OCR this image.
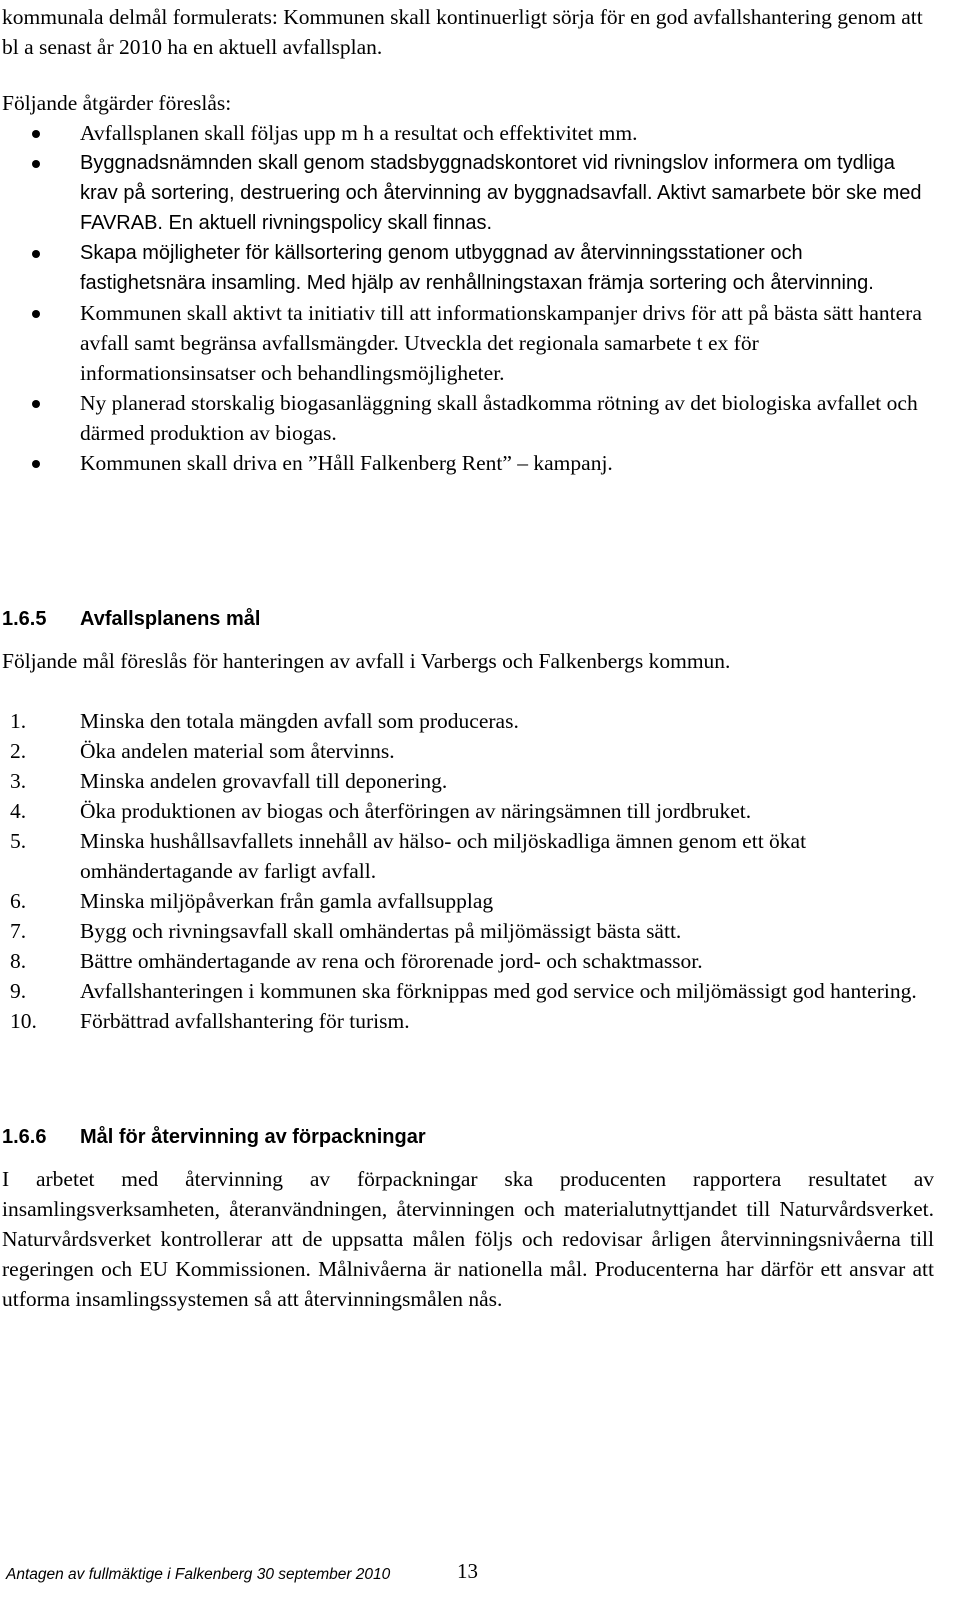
kommunala delmål formulerats: Kommunen skall kontinuerligt sörja för en god avfallshantering genom att bl a senast år 2010 ha en aktuell avfallsplan.

Följande åtgärder föreslås:

Avfallsplanen skall följas upp m h a resultat och effektivitet mm.
Byggnadsnämnden skall genom stadsbyggnadskontoret vid rivningslov informera om tydliga krav på sortering, destruering och återvinning av byggnadsavfall. Aktivt samarbete bör ske med FAVRAB. En aktuell rivningspolicy skall finnas.
Skapa möjligheter för källsortering genom utbyggnad av återvinningsstationer och fastighetsnära insamling. Med hjälp av renhållningstaxan främja sortering och återvinning.
Kommunen skall aktivt ta initiativ till att informationskampanjer drivs för att på bästa sätt hantera avfall samt begränsa avfallsmängder. Utveckla det regionala samarbete t ex för informationsinsatser och behandlingsmöjligheter.
Ny planerad storskalig biogasanläggning skall åstadkomma rötning av det biologiska avfallet och därmed produktion av biogas.
Kommunen skall driva en ”Håll Falkenberg Rent” – kampanj.
1.6.5 Avfallsplanens mål

Följande mål föreslås för hanteringen av avfall i Varbergs och Falkenbergs kommun.

1.	Minska den totala mängden avfall som produceras.
2.	Öka andelen material som återvinns.
3.	Minska andelen grovavfall till deponering.
4.	Öka produktionen av biogas och återföringen av näringsämnen till jordbruket.
5.	Minska hushållsavfallets innehåll av hälso- och miljöskadliga ämnen genom ett ökat omhändertagande av farligt avfall.
6.	Minska miljöpåverkan från gamla avfallsupplag
7.	Bygg och rivningsavfall skall omhändertas på miljömässigt bästa sätt.
8.	Bättre omhändertagande av rena och förorenade jord- och schaktmassor.
9.	Avfallshanteringen i kommunen ska förknippas med god service och miljömässigt god hantering.
10. Förbättrad avfallshantering för turism.
1.6.6 Mål för återvinning av förpackningar

I arbetet med återvinning av förpackningar ska producenten rapportera resultatet av insamlingsverksamheten, återanvändningen, återvinningen och materialutnyttjandet till Naturvårdsverket. Naturvårdsverket kontrollerar att de uppsatta målen följs och redovisar årligen återvinningsnivåerna till regeringen och EU Kommissionen. Målnivåerna är nationella mål. Producenterna har därför ett ansvar att utforma insamlingssystemen så att återvinningsmålen nås.

Antagen av fullmäktige i Falkenberg 30 september 2010	13
